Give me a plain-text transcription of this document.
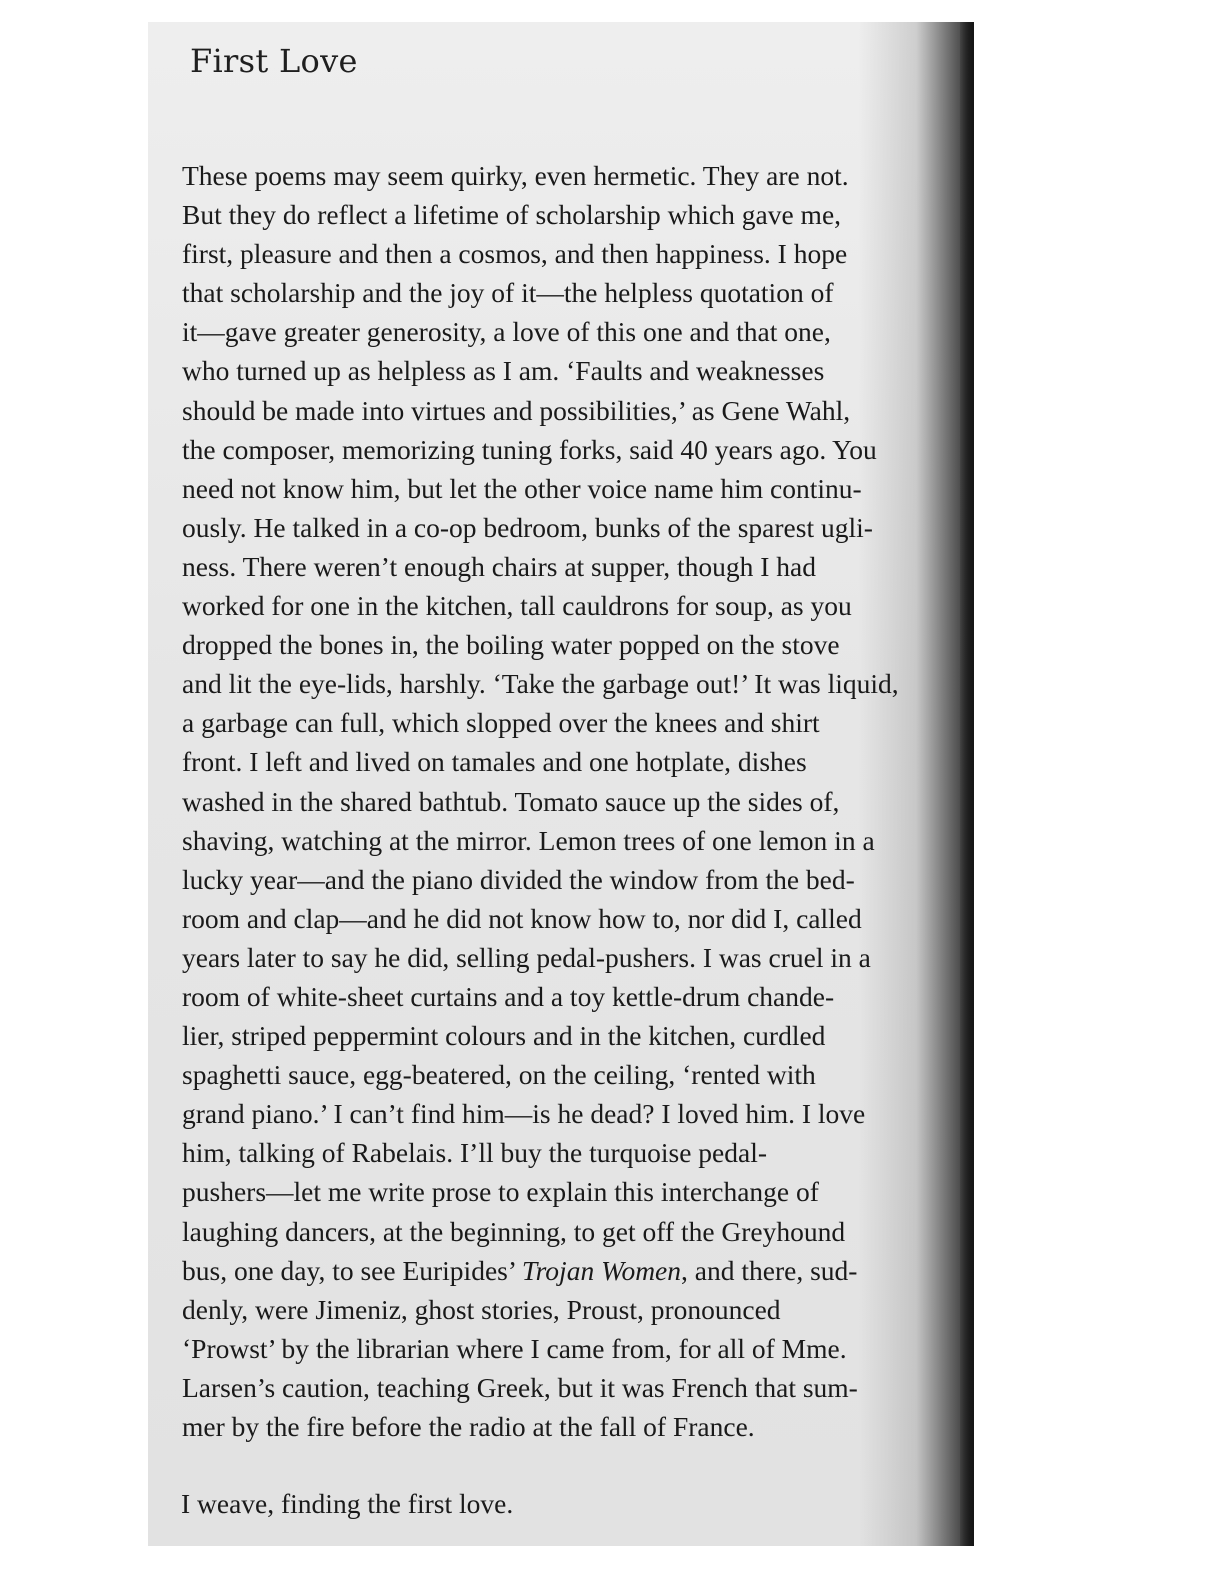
First Love
These poems may seem quirky, even hermetic. They are not.
But they do reflect a lifetime of scholarship which gave me,
first, pleasure and then a cosmos, and then happiness. I hope
that scholarship and the joy of it—the helpless quotation of
it—gave greater generosity, a love of this one and that one,
who turned up as helpless as I am. ‘Faults and weaknesses
should be made into virtues and possibilities,’ as Gene Wahl,
the composer, memorizing tuning forks, said 40 years ago. You
need not know him, but let the other voice name him continu-
ously. He talked in a co-op bedroom, bunks of the sparest ugli-
ness. There weren’t enough chairs at supper, though I had
worked for one in the kitchen, tall cauldrons for soup, as you
dropped the bones in, the boiling water popped on the stove
and lit the eye-lids, harshly. ‘Take the garbage out!’ It was liquid,
a garbage can full, which slopped over the knees and shirt
front. I left and lived on tamales and one hotplate, dishes
washed in the shared bathtub. Tomato sauce up the sides of,
shaving, watching at the mirror. Lemon trees of one lemon in a
lucky year—and the piano divided the window from the bed-
room and clap—and he did not know how to, nor did I, called
years later to say he did, selling pedal-pushers. I was cruel in a
room of white-sheet curtains and a toy kettle-drum chande-
lier, striped peppermint colours and in the kitchen, curdled
spaghetti sauce, egg-beatered, on the ceiling, ‘rented with
grand piano.’ I can’t find him—is he dead? I loved him. I love
him, talking of Rabelais. I’ll buy the turquoise pedal-
pushers—let me write prose to explain this interchange of
laughing dancers, at the beginning, to get off the Greyhound
bus, one day, to see Euripides’ Trojan Women, and there, sud-
denly, were Jimeniz, ghost stories, Proust, pronounced
‘Prowst’ by the librarian where I came from, for all of Mme.
Larsen’s caution, teaching Greek, but it was French that sum-
mer by the fire before the radio at the fall of France.

I weave, finding the first love.
